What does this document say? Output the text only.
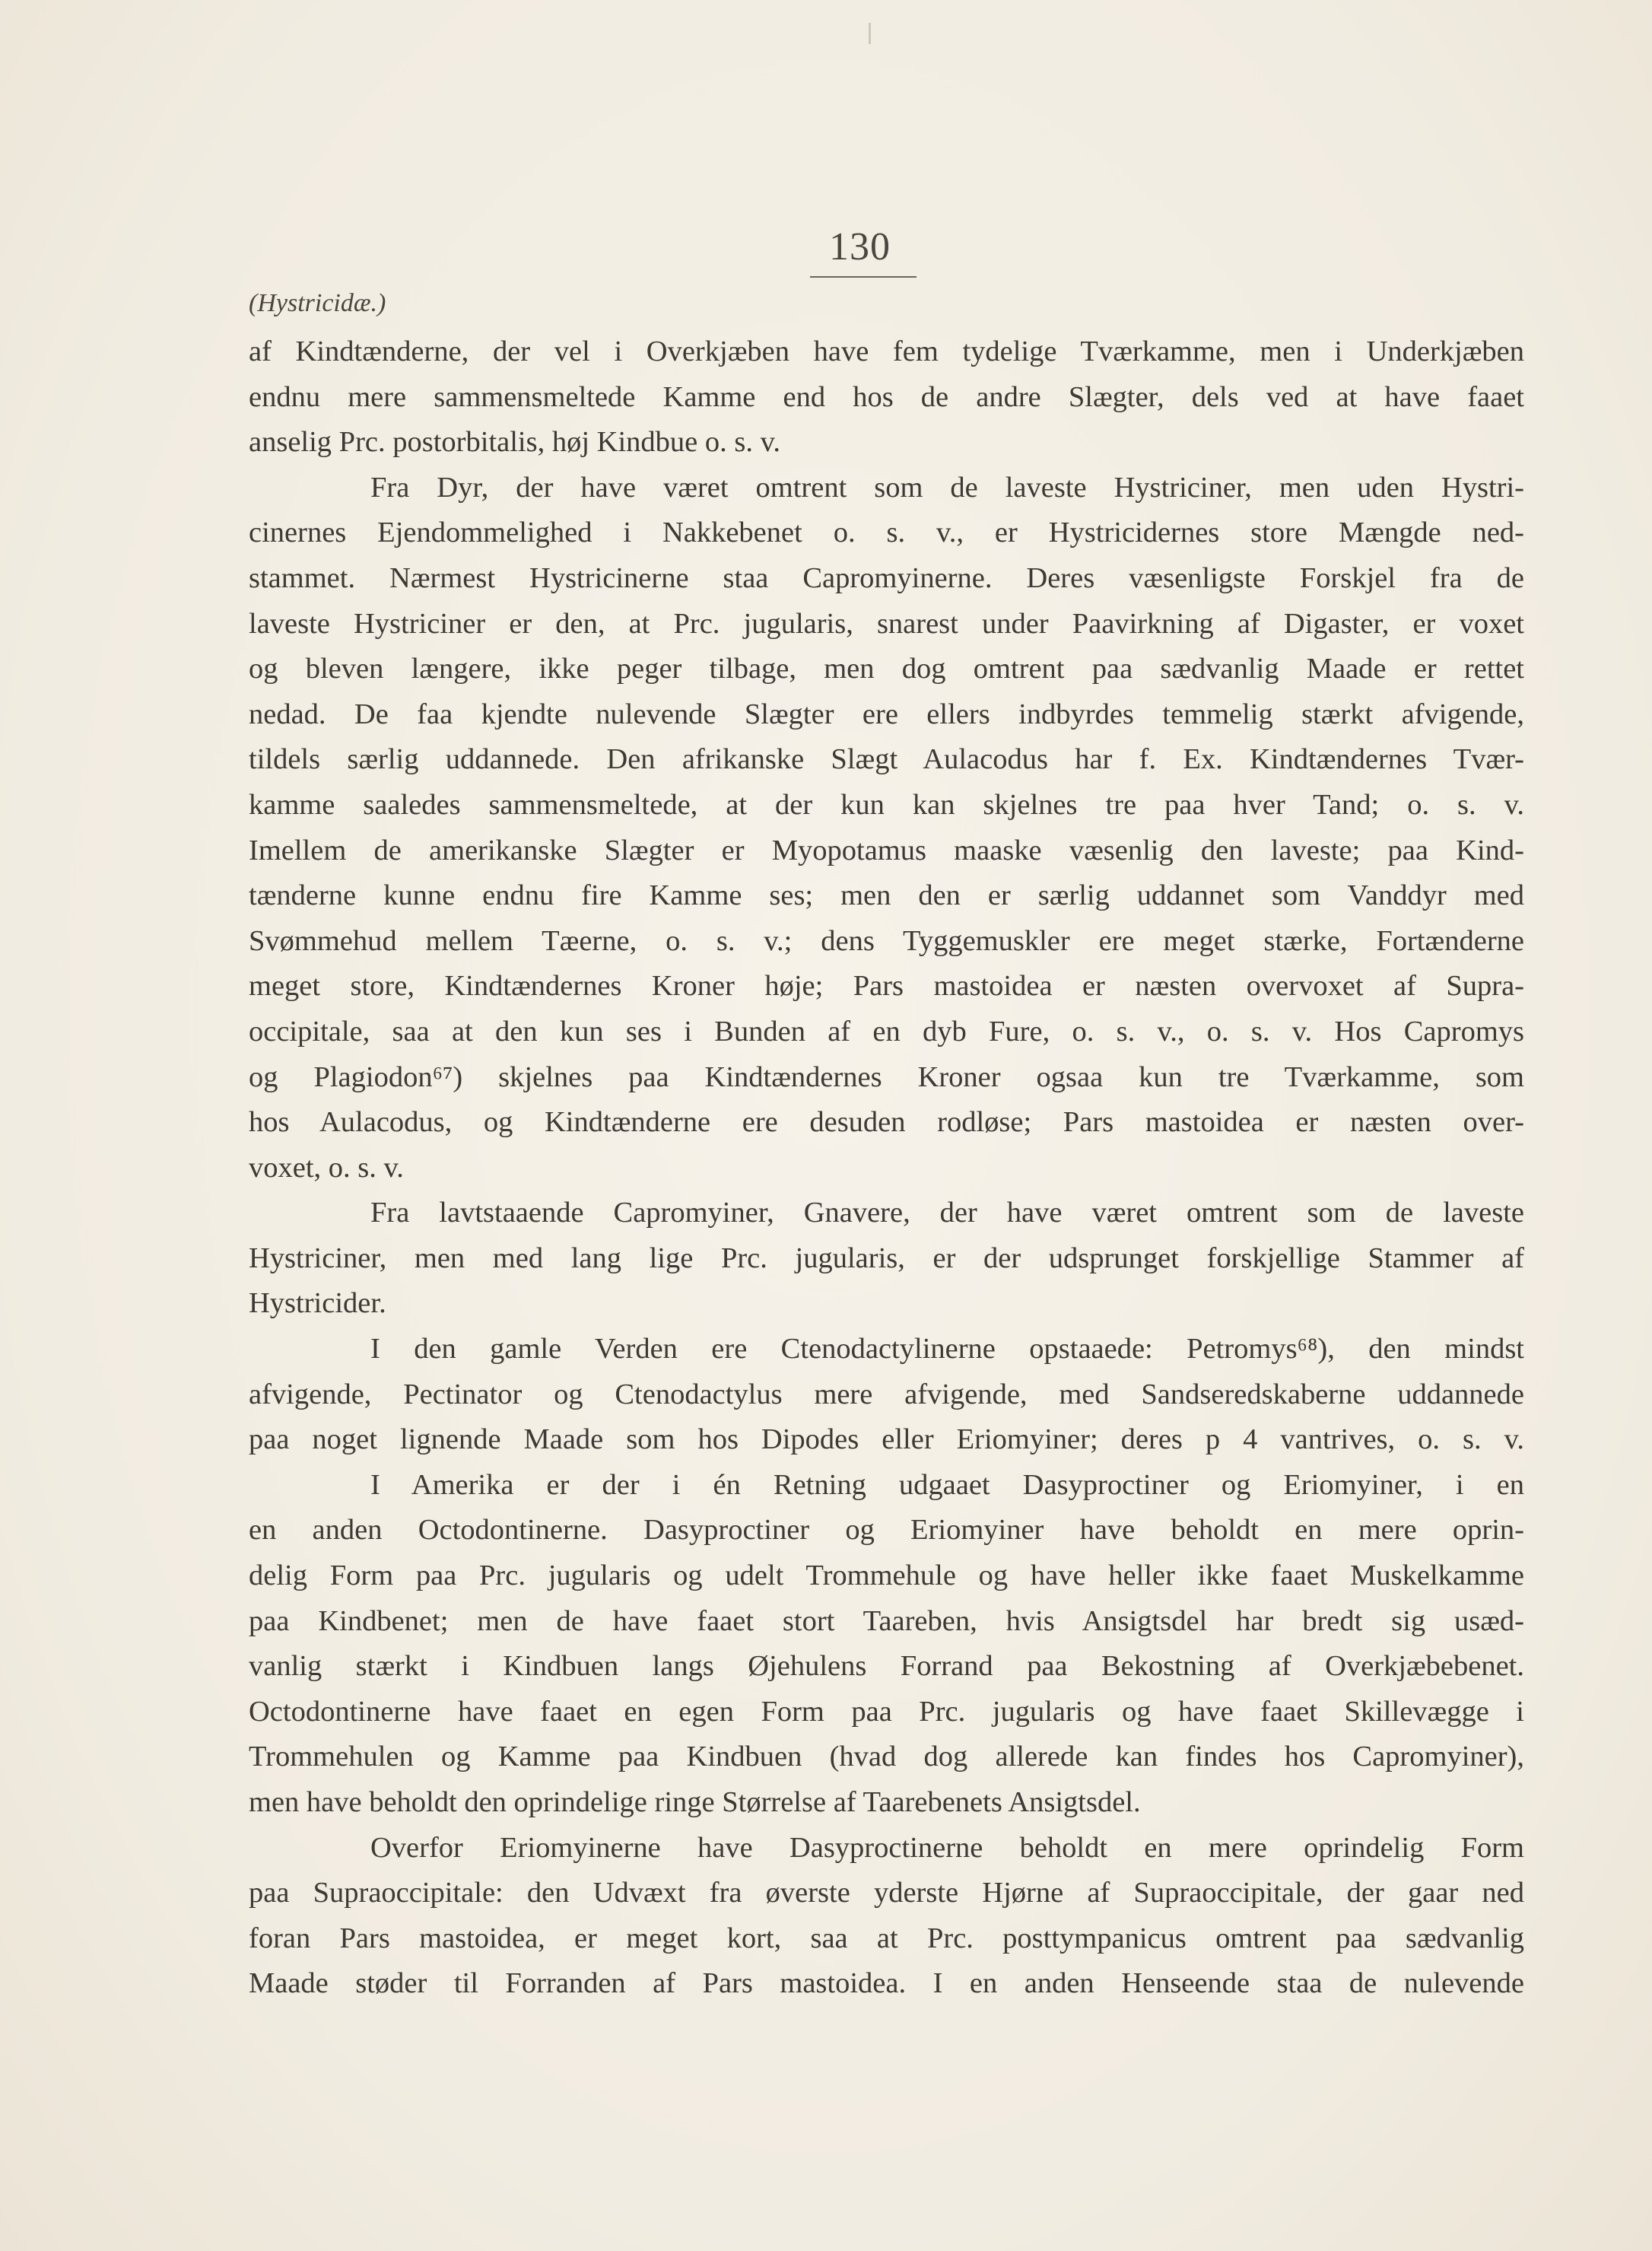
130
(Hystricidæ.)
af Kindtænderne, der vel i Overkjæben have fem tydelige Tværkamme, men i Underkjæben
endnu mere sammensmeltede Kamme end hos de andre Slægter, dels ved at have faaet
anselig Prc. postorbitalis, høj Kindbue o. s. v.
Fra Dyr, der have været omtrent som de laveste Hystriciner, men uden Hystri-
cinernes Ejendommelighed i Nakkebenet o. s. v., er Hystricidernes store Mængde ned-
stammet. Nærmest Hystricinerne staa Capromyinerne. Deres væsenligste Forskjel fra de
laveste Hystriciner er den, at Prc. jugularis, snarest under Paavirkning af Digaster, er voxet
og bleven længere, ikke peger tilbage, men dog omtrent paa sædvanlig Maade er rettet
nedad. De faa kjendte nulevende Slægter ere ellers indbyrdes temmelig stærkt afvigende,
tildels særlig uddannede. Den afrikanske Slægt Aulacodus har f. Ex. Kindtændernes Tvær-
kamme saaledes sammensmeltede, at der kun kan skjelnes tre paa hver Tand; o. s. v.
Imellem de amerikanske Slægter er Myopotamus maaske væsenlig den laveste; paa Kind-
tænderne kunne endnu fire Kamme ses; men den er særlig uddannet som Vanddyr med
Svømmehud mellem Tæerne, o. s. v.; dens Tyggemuskler ere meget stærke, Fortænderne
meget store, Kindtændernes Kroner høje; Pars mastoidea er næsten overvoxet af Supra-
occipitale, saa at den kun ses i Bunden af en dyb Fure, o. s. v., o. s. v. Hos Capromys
og Plagiodon⁶⁷) skjelnes paa Kindtændernes Kroner ogsaa kun tre Tværkamme, som
hos Aulacodus, og Kindtænderne ere desuden rodløse; Pars mastoidea er næsten over-
voxet, o. s. v.
Fra lavtstaaende Capromyiner, Gnavere, der have været omtrent som de laveste
Hystriciner, men med lang lige Prc. jugularis, er der udsprunget forskjellige Stammer af
Hystricider.
I den gamle Verden ere Ctenodactylinerne opstaaede: Petromys⁶⁸), den mindst
afvigende, Pectinator og Ctenodactylus mere afvigende, med Sandseredskaberne uddannede
paa noget lignende Maade som hos Dipodes eller Eriomyiner; deres p 4 vantrives, o. s. v.
I Amerika er der i én Retning udgaaet Dasyproctiner og Eriomyiner, i en
en anden Octodontinerne. Dasyproctiner og Eriomyiner have beholdt en mere oprin-
delig Form paa Prc. jugularis og udelt Trommehule og have heller ikke faaet Muskelkamme
paa Kindbenet; men de have faaet stort Taareben, hvis Ansigtsdel har bredt sig usæd-
vanlig stærkt i Kindbuen langs Øjehulens Forrand paa Bekostning af Overkjæbebenet.
Octodontinerne have faaet en egen Form paa Prc. jugularis og have faaet Skillevægge i
Trommehulen og Kamme paa Kindbuen (hvad dog allerede kan findes hos Capromyiner),
men have beholdt den oprindelige ringe Størrelse af Taarebenets Ansigtsdel.
Overfor Eriomyinerne have Dasyproctinerne beholdt en mere oprindelig Form
paa Supraoccipitale: den Udvæxt fra øverste yderste Hjørne af Supraoccipitale, der gaar ned
foran Pars mastoidea, er meget kort, saa at Prc. posttympanicus omtrent paa sædvanlig
Maade støder til Forranden af Pars mastoidea. I en anden Henseende staa de nulevende
